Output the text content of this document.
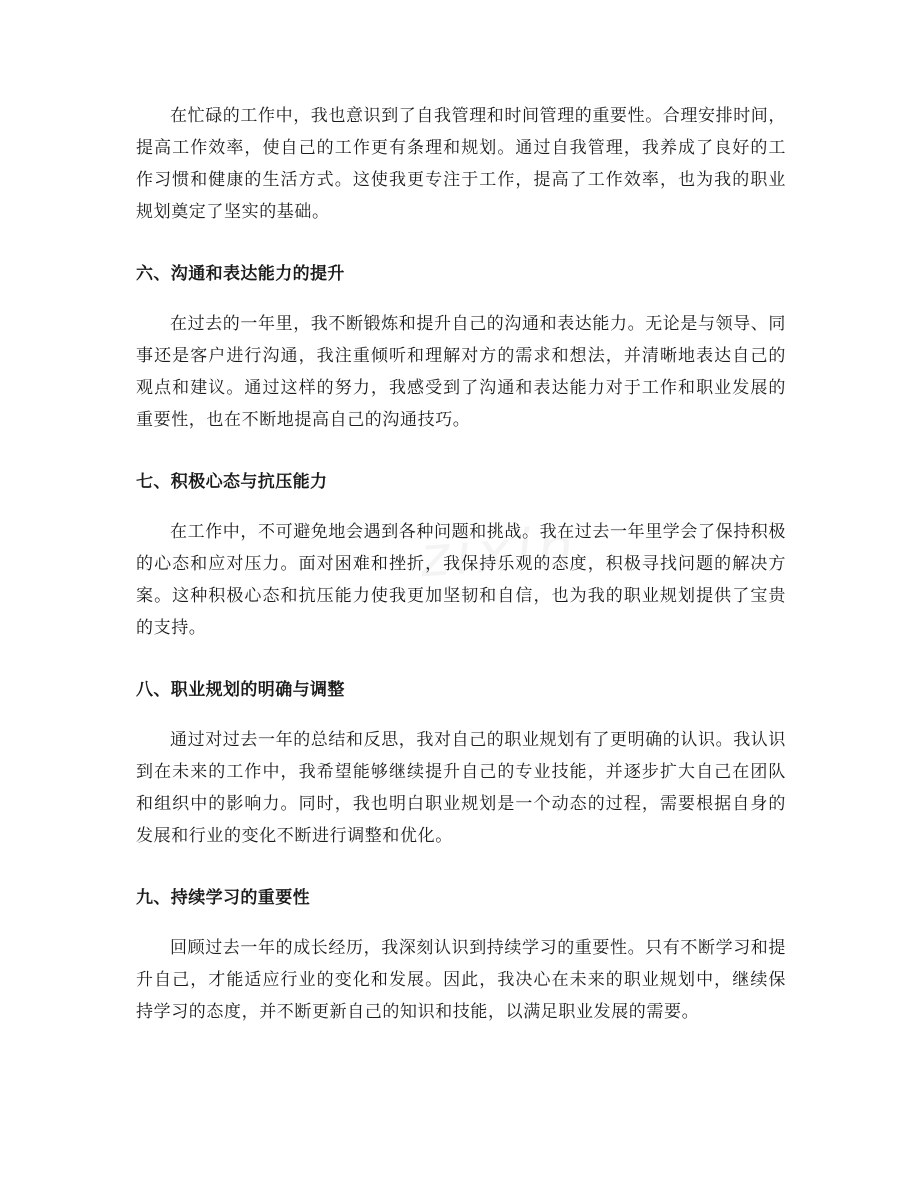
在忙碌的工作中，我也意识到了自我管理和时间管理的重要性。合理安排时间，提高工作效率，使自己的工作更有条理和规划。通过自我管理，我养成了良好的工作习惯和健康的生活方式。这使我更专注于工作，提高了工作效率，也为我的职业规划奠定了坚实的基础。

六、沟通和表达能力的提升

在过去的一年里，我不断锻炼和提升自己的沟通和表达能力。无论是与领导、同事还是客户进行沟通，我注重倾听和理解对方的需求和想法，并清晰地表达自己的观点和建议。通过这样的努力，我感受到了沟通和表达能力对于工作和职业发展的重要性，也在不断地提高自己的沟通技巧。

七、积极心态与抗压能力

在工作中，不可避免地会遇到各种问题和挑战。我在过去一年里学会了保持积极的心态和应对压力。面对困难和挫折，我保持乐观的态度，积极寻找问题的解决方案。这种积极心态和抗压能力使我更加坚韧和自信，也为我的职业规划提供了宝贵的支持。

八、职业规划的明确与调整

通过对过去一年的总结和反思，我对自己的职业规划有了更明确的认识。我认识到在未来的工作中，我希望能够继续提升自己的专业技能，并逐步扩大自己在团队和组织中的影响力。同时，我也明白职业规划是一个动态的过程，需要根据自身的发展和行业的变化不断进行调整和优化。

九、持续学习的重要性

回顾过去一年的成长经历，我深刻认识到持续学习的重要性。只有不断学习和提升自己，才能适应行业的变化和发展。因此，我决心在未来的职业规划中，继续保持学习的态度，并不断更新自己的知识和技能，以满足职业发展的需要。
